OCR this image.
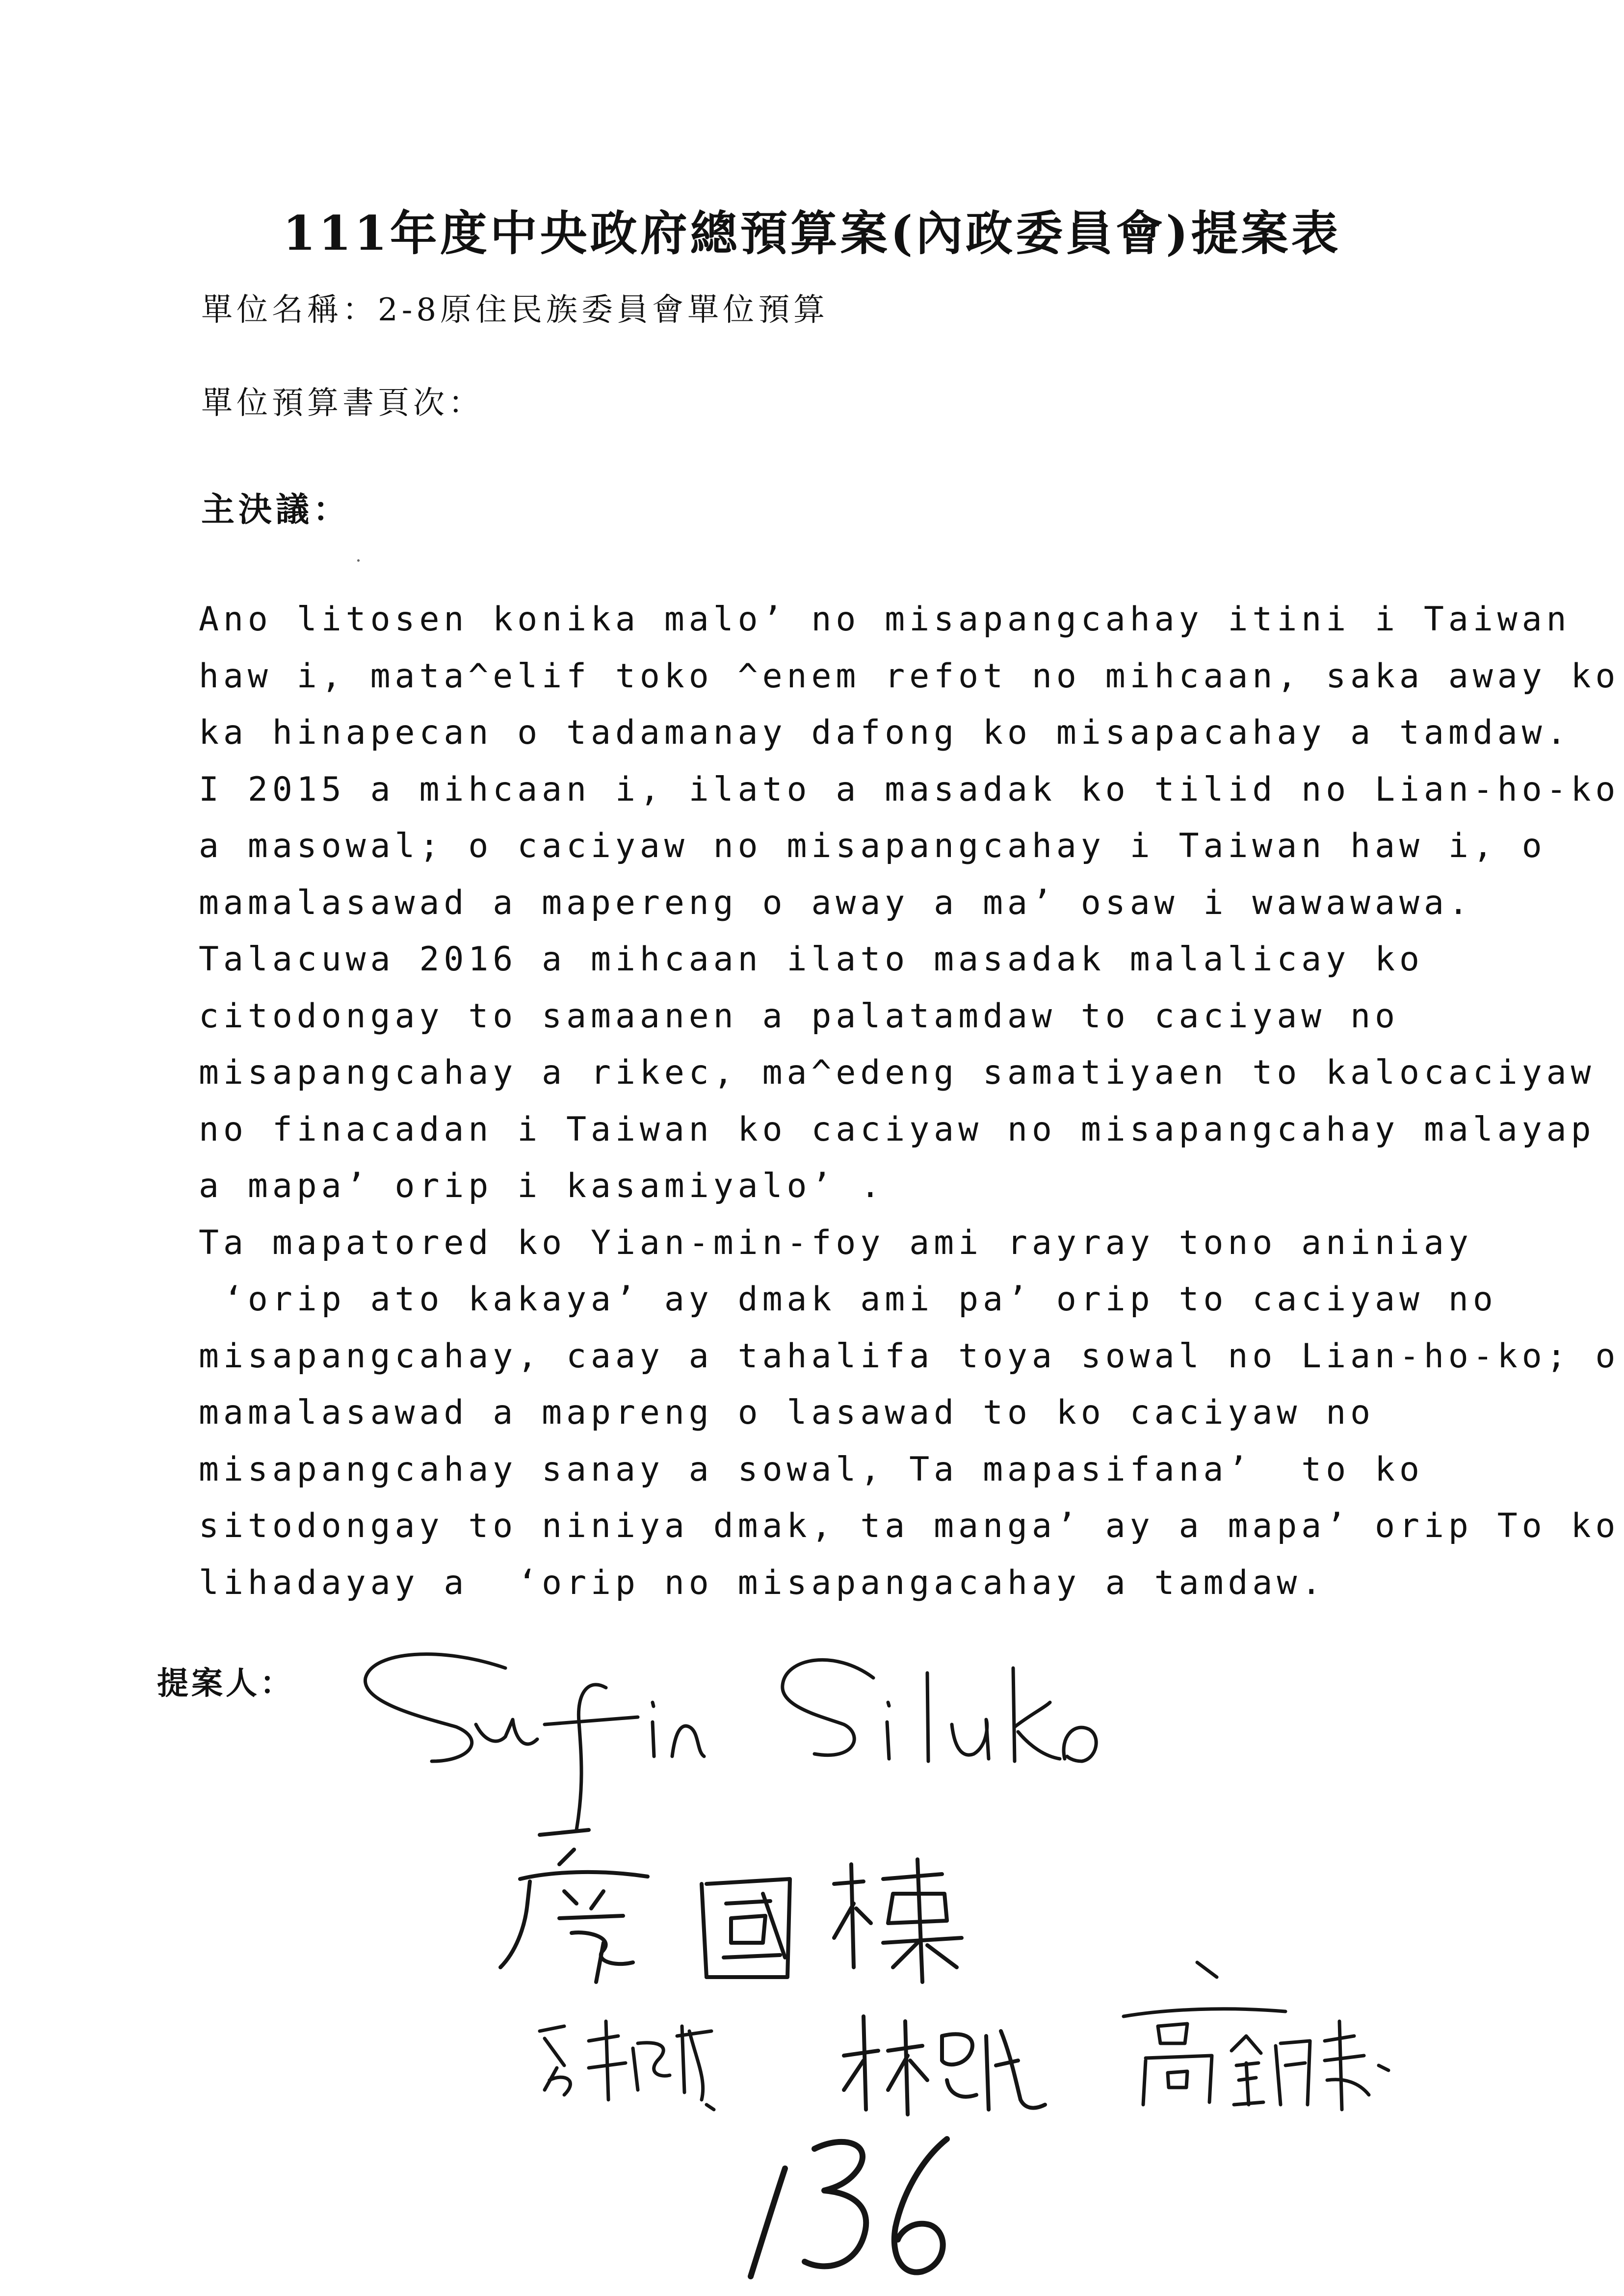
111年度中央政府總預算案(內政委員會)提案表
單位名稱：2-8原住民族委員會單位預算
單位預算書頁次：
主決議：
Ano litosen konika malo’ no misapangcahay itini i Taiwan
haw i, mata^elif toko ^enem refot no mihcaan, saka away ko
ka hinapecan o tadamanay dafong ko misapacahay a tamdaw.
I 2015 a mihcaan i, ilato a masadak ko tilid no Lian-ho-ko
a masowal; o caciyaw no misapangcahay i Taiwan haw i, o
mamalasawad a mapereng o away a ma’ osaw i wawawawa.
Talacuwa 2016 a mihcaan ilato masadak malalicay ko
citodongay to samaanen a palatamdaw to caciyaw no
misapangcahay a rikec, ma^edeng samatiyaen to kalocaciyaw
no finacadan i Taiwan ko caciyaw no misapangcahay malayap
a mapa’ orip i kasamiyalo’ .
Ta mapatored ko Yian-min-foy ami rayray tono aniniay
‘orip ato kakaya’ ay dmak ami pa’ orip to caciyaw no
misapangcahay, caay a tahalifa toya sowal no Lian-ho-ko; o
mamalasawad a mapreng o lasawad to ko caciyaw no
misapangcahay sanay a sowal, Ta mapasifana’  to ko
sitodongay to niniya dmak, ta manga’ ay a mapa’ orip To ko
lihadayay a  ‘orip no misapangacahay a tamdaw.
提案人：
